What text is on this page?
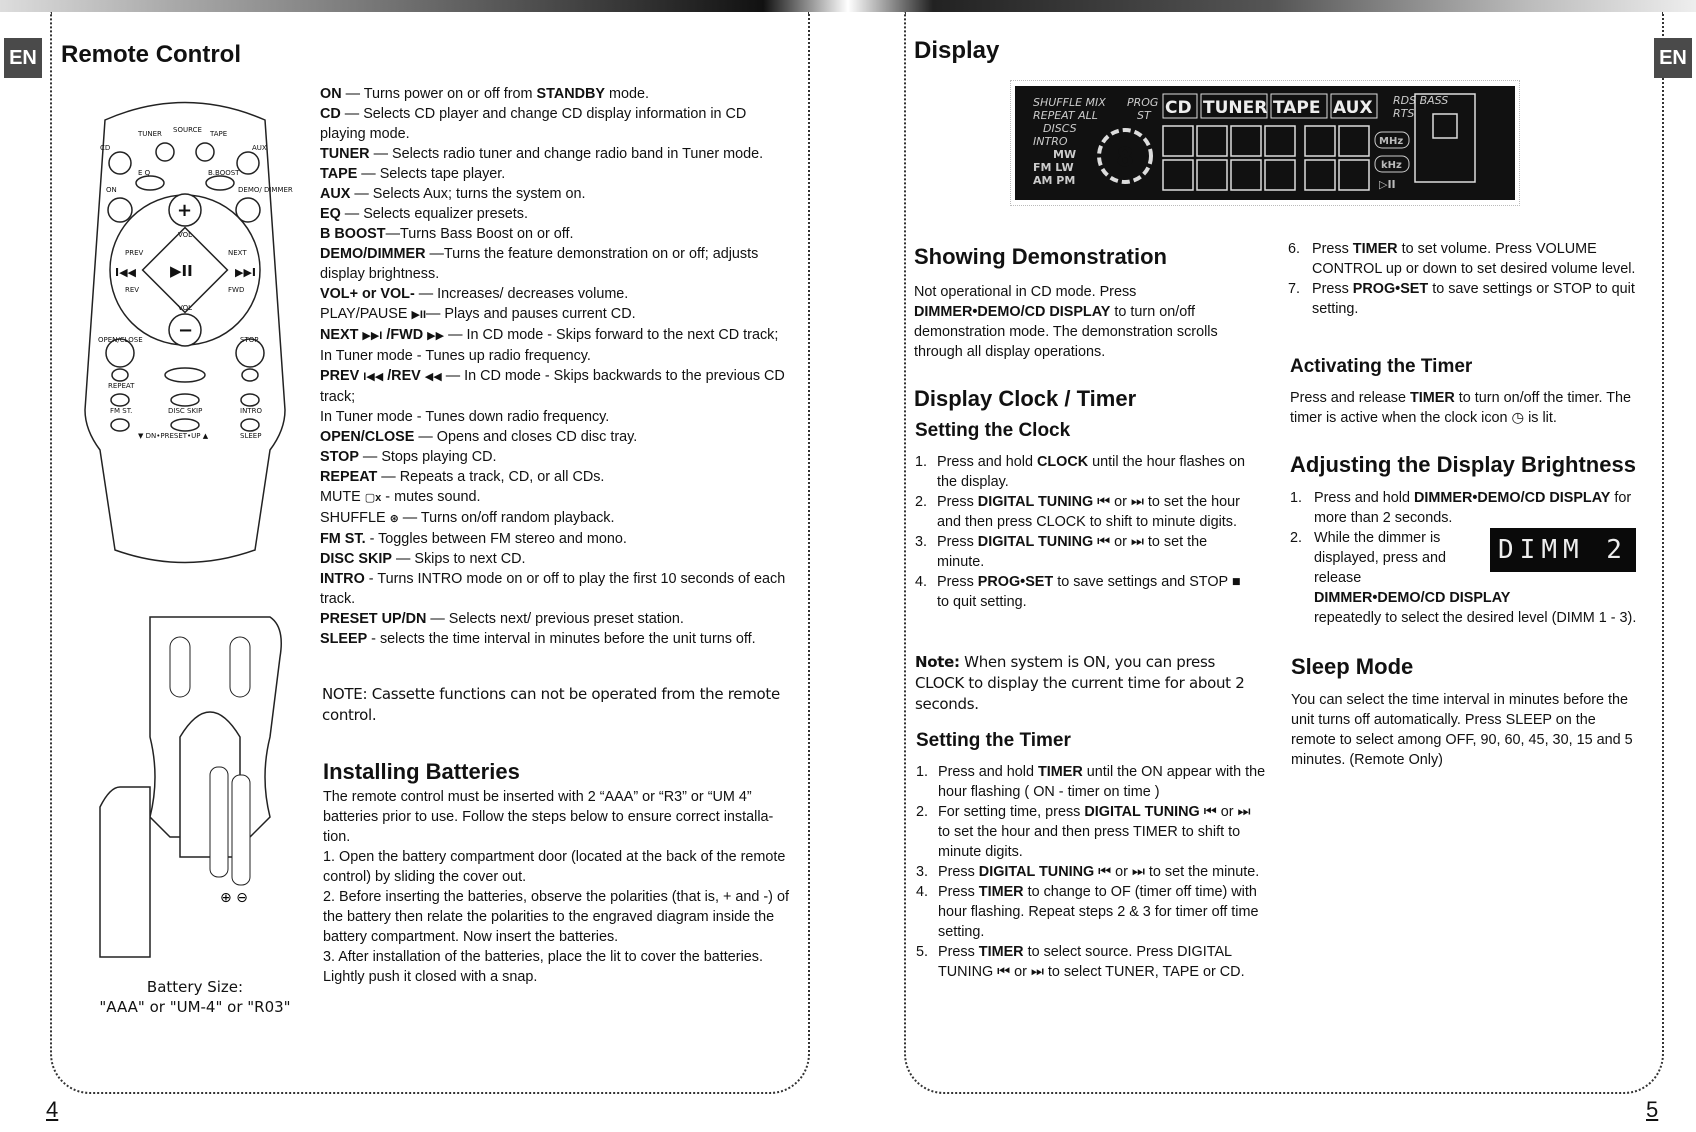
EN Remote Control
TUNER SOURCE TAPE
CD	AUX
E Q	B.BOOST
DEMO/ DIMMER
ON
VOL
VOL
PREV	NEXT
REV	FWD
OPEN/CLOSE	STOP
REPEAT
FM ST.	DISC SKIP	INTRO
▼ DN•PRESET•UP ▲	SLEEP
+
−
▶II
I◀◀	▶▶I
⊕ ⊖
Battery Size:
"AAA" or "UM-4" or "R03"
ON — Turns power on or off from STANDBY mode.
CD — Selects CD player and change CD display information in CD playing mode.
TUNER — Selects radio tuner and change radio band in Tuner mode.
TAPE — Selects tape player.
AUX — Selects Aux; turns the system on.
EQ — Selects equalizer presets.
B BOOST—Turns Bass Boost on or off.
DEMO/DIMMER —Turns the feature demonstration on or off; adjusts display brightness.
VOL+ or VOL- — Increases/ decreases volume.
PLAY/PAUSE ▶II— Plays and pauses current CD.
NEXT ▶▶I /FWD ▶▶ — In CD mode - Skips forward to the next CD track;
In Tuner mode - Tunes up radio frequency.
PREV I◀◀ /REV ◀◀ — In CD mode - Skips backwards to the previous CD track;
In Tuner mode - Tunes down radio frequency.
OPEN/CLOSE — Opens and closes CD disc tray.
STOP — Stops playing CD.
REPEAT — Repeats a track, CD, or all CDs.
MUTE ▢x - mutes sound.
SHUFFLE ⊛ — Turns on/off random playback.
FM ST. - Toggles between FM stereo and mono.
DISC SKIP — Skips to next CD.
INTRO - Turns INTRO mode on or off to play the first 10 seconds of each track.
PRESET UP/DN — Selects next/ previous preset station.
SLEEP - selects the time interval in minutes before the unit turns off.
NOTE: Cassette functions can not be operated from the remote control.
Installing Batteries

The remote control must be inserted with 2 “AAA” or “R3” or “UM 4” batteries prior to use. Follow the steps below to ensure correct installa-tion.

1. Open the battery compartment door (located at the back of the remote control) by sliding the cover out.

2. Before inserting the batteries, observe the polarities (that is, + and -) of the battery then relate the polarities to the engraved diagram inside the battery compartment. Now insert the batteries.

3. After installation of the batteries, place the lit to cover the batteries. Lightly push it closed with a snap.

4
EN
Display
SHUFFLE MIX
REPEAT ALL
DISCS
INTRO
MW
FM LW
AM PM
PROG
ST
RDS BASS
RTS
CD TUNER TAPE AUX
8
MHz
kHz
▷II
Showing Demonstration
Not operational in CD mode. Press DIMMER•DEMO/CD DISPLAY to turn on/off demonstration mode. The demonstration scrolls through all display operations.
Display Clock / Timer
Setting the Clock
1. Press and hold CLOCK until the hour flashes on the display.
2. Press DIGITAL TUNING ⏮ or ⏭ to set the hour and then press CLOCK to shift to minute digits.
3. Press DIGITAL TUNING ⏮ or ⏭ to set the minute.
4. Press PROG•SET to save settings and STOP ■ to quit setting.
Note: When system is ON, you can press CLOCK to display the current time for about 2 seconds.
Setting the Timer
1. Press and hold TIMER until the ON appear with the hour flashing ( ON - timer on time )
2. For setting time, press DIGITAL TUNING ⏮ or ⏭ to set the hour and then press TIMER to shift to minute digits.
3. Press DIGITAL TUNING ⏮ or ⏭ to set the minute.
4. Press TIMER to change to OF (timer off time) with hour flashing. Repeat steps 2 & 3 for timer off time setting.
5. Press TIMER to select source. Press DIGITAL TUNING ⏮ or ⏭ to select TUNER, TAPE or CD.
6. Press TIMER to set volume. Press VOLUME CONTROL up or down to set desired volume level.
7. Press PROG•SET to save settings or STOP to quit setting.
Activating the Timer
Press and release TIMER to turn on/off the timer. The timer is active when the clock icon ◷ is lit.
Adjusting the Display Brightness
1. Press and hold DIMMER•DEMO/CD DISPLAY for more than 2 seconds.
2. While the dimmer is displayed, press and release
DIMMER•DEMO/CD DISPLAY
repeatedly to select the desired level (DIMM 1 - 3).
DIMM 2
Sleep Mode
You can select the time interval in minutes before the unit turns off automatically. Press SLEEP on the remote to select among OFF, 90, 60, 45, 30, 15 and 5 minutes. (Remote Only)
5
